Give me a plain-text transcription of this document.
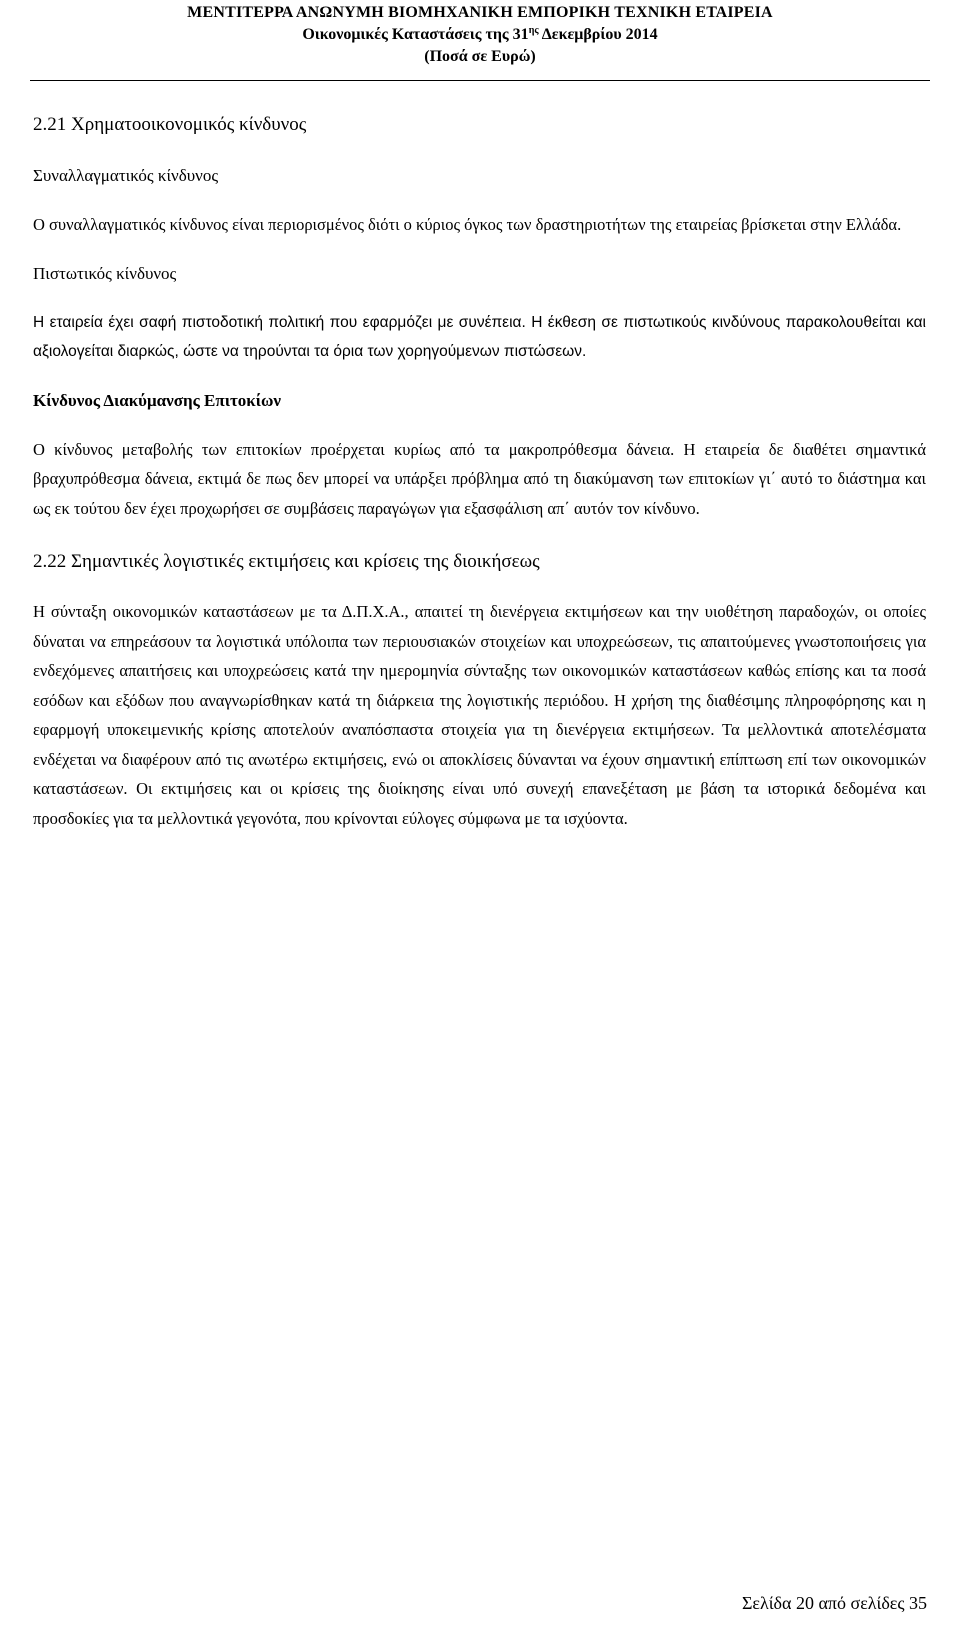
ΜΕΝΤΙΤΕΡΡΑ ΑΝΩΝΥΜΗ ΒΙΟΜΗΧΑΝΙΚΗ ΕΜΠΟΡΙΚΗ ΤΕΧΝΙΚΗ ΕΤΑΙΡΕΙΑ
Οικονομικές Καταστάσεις της $31^{\eta\varsigma}$ Δεκεμβρίου 2014
(Ποσά σε Ευρώ)
2.21 Χρηματοοικονομικός κίνδυνος
Συναλλαγματικός κίνδυνος

Ο συναλλαγματικός κίνδυνος είναι περιορισμένος διότι ο κύριος όγκος των δραστηριοτήτων της εταιρείας βρίσκεται στην Ελλάδα.

Πιστωτικός κίνδυνος

Η εταιρεία έχει σαφή πιστοδοτική πολιτική που εφαρμόζει με συνέπεια. Η έκθεση σε πιστωτικούς κινδύνους παρακολουθείται και αξιολογείται διαρκώς, ώστε να τηρούνται τα όρια των χορηγούμενων πιστώσεων.

Κίνδυνος Διακύμανσης Επιτοκίων

Ο κίνδυνος μεταβολής των επιτοκίων προέρχεται κυρίως από τα μακροπρόθεσμα δάνεια. Η εταιρεία δε διαθέτει σημαντικά βραχυπρόθεσμα δάνεια, εκτιμά δε πως δεν μπορεί να υπάρξει πρόβλημα από τη διακύμανση των επιτοκίων γι΄ αυτό το διάστημα και ως εκ τούτου δεν έχει προχωρήσει σε συμβάσεις παραγώγων για εξασφάλιση απ΄ αυτόν τον κίνδυνο.

2.22 Σημαντικές λογιστικές εκτιμήσεις και κρίσεις της διοικήσεως

Η σύνταξη οικονομικών καταστάσεων με τα Δ.Π.Χ.Α., απαιτεί τη διενέργεια εκτιμήσεων και την υιοθέτηση παραδοχών, οι οποίες δύναται να επηρεάσουν τα λογιστικά υπόλοιπα των περιουσιακών στοιχείων και υποχρεώσεων, τις απαιτούμενες γνωστοποιήσεις για ενδεχόμενες απαιτήσεις και υποχρεώσεις κατά την ημερομηνία σύνταξης των οικονομικών καταστάσεων καθώς επίσης και τα ποσά εσόδων και εξόδων που αναγνωρίσθηκαν κατά τη διάρκεια της λογιστικής περιόδου. Η χρήση της διαθέσιμης πληροφόρησης και η εφαρμογή υποκειμενικής κρίσης αποτελούν αναπόσπαστα στοιχεία για τη διενέργεια εκτιμήσεων. Τα μελλοντικά αποτελέσματα ενδέχεται να διαφέρουν από τις ανωτέρω εκτιμήσεις, ενώ οι αποκλίσεις δύνανται να έχουν σημαντική επίπτωση επί των οικονομικών καταστάσεων. Οι εκτιμήσεις και οι κρίσεις της διοίκησης είναι υπό συνεχή επανεξέταση με βάση τα ιστορικά δεδομένα και προσδοκίες για τα μελλοντικά γεγονότα, που κρίνονται εύλογες σύμφωνα με τα ισχύοντα.

Σελίδα 20 από σελίδες 35
